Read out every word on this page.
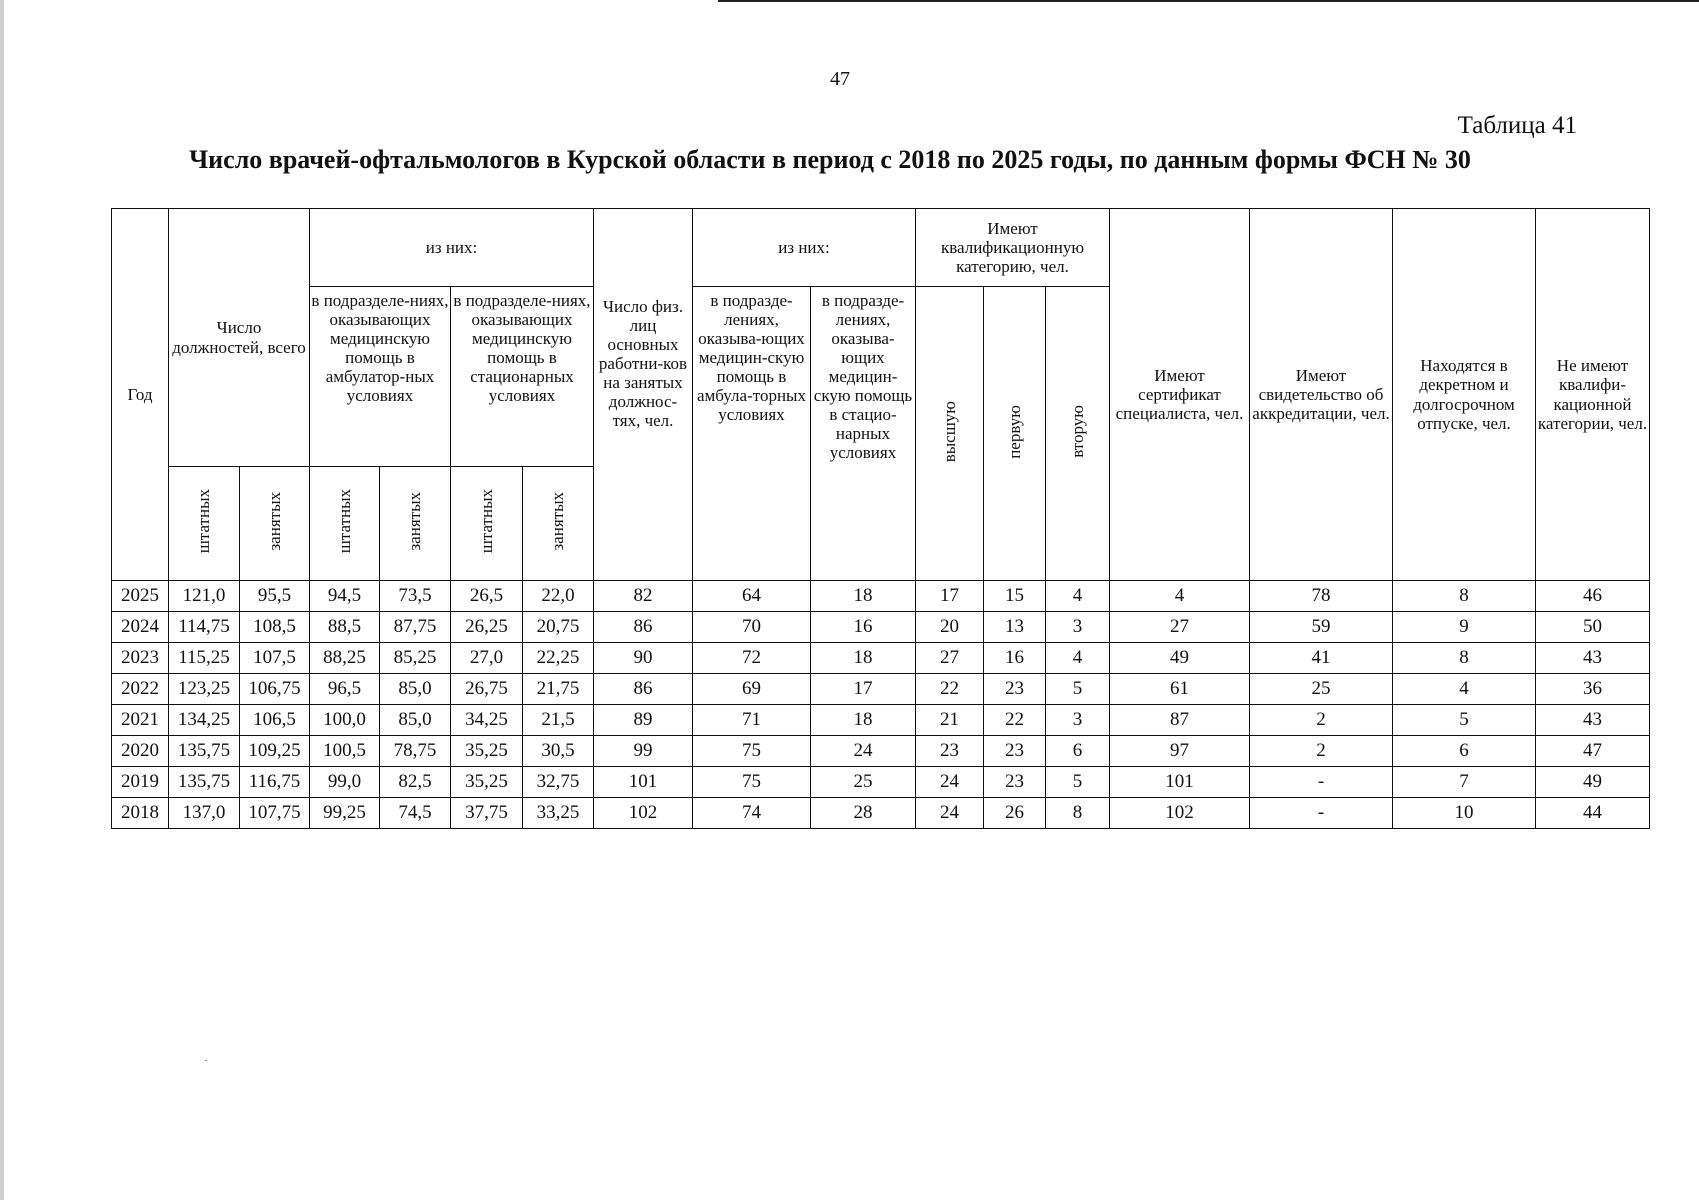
47
Таблица 41
Число врачей-офтальмологов в Курской области в период с 2018 по 2025 годы, по данным формы ФСН № 30
Год	Число должностей, всего		из них:				Число физ. лиц основных работни-ков на занятых должнос-тях, чел.	из них:		Имеют квалификационную категорию, чел.			Имеют сертификат специалиста, чел.	Имеют свидетельство об аккредитации, чел.	Находятся в декретном и долгосрочном отпуске, чел.	Не имеют квалифи-кационной категории, чел.
			в подразделе-ниях, оказывающих медицинскую помощь в амбулатор-ных условиях		в подразделе-ниях, оказывающих медицинскую помощь в стационарных условиях			в подразде-лениях, оказыва-ющих медицин-скую помощь в амбула-торных условиях	в подразде-лениях, оказыва-ющих медицин-скую помощь в стацио-нарных условиях	высшую	первую	вторую				
	штатных	занятых	штатных	занятых	штатных	занятых										
2025	121,0	95,5	94,5	73,5	26,5	22,0	82	64	18	17	15	4	4	78	8	46
2024	114,75	108,5	88,5	87,75	26,25	20,75	86	70	16	20	13	3	27	59	9	50
2023	115,25	107,5	88,25	85,25	27,0	22,25	90	72	18	27	16	4	49	41	8	43
2022	123,25	106,75	96,5	85,0	26,75	21,75	86	69	17	22	23	5	61	25	4	36
2021	134,25	106,5	100,0	85,0	34,25	21,5	89	71	18	21	22	3	87	2	5	43
2020	135,75	109,25	100,5	78,75	35,25	30,5	99	75	24	23	23	6	97	2	6	47
2019	135,75	116,75	99,0	82,5	35,25	32,75	101	75	25	24	23	5	101	-	7	49
2018	137,0	107,75	99,25	74,5	37,75	33,25	102	74	28	24	26	8	102	-	10	44
